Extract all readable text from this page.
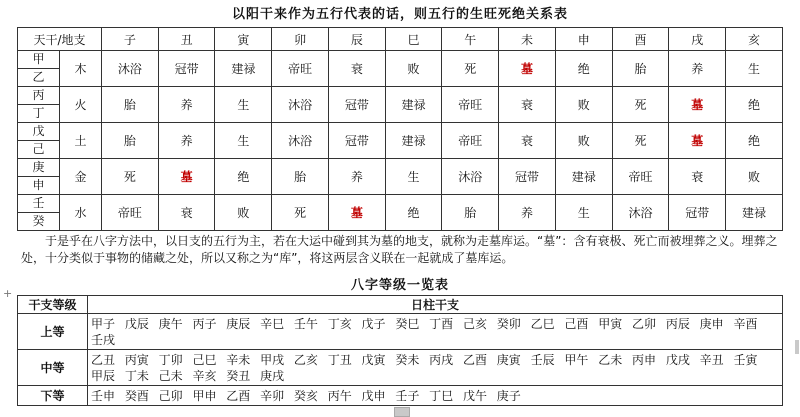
以阳干来作为五行代表的话，则五行的生旺死绝关系表
天干/地支		子	丑	寅	卯	辰	巳	午	未	申	酉	戌	亥

甲
乙	木	沐浴	冠带	建禄	帝旺	衰	败	死	墓	绝	胎	养	生

丙
丁	火	胎	养	生	沐浴	冠带	建禄	帝旺	衰	败	死	墓	绝

戊
己	土	胎	养	生	沐浴	冠带	建禄	帝旺	衰	败	死	墓	绝

庚
申	金	死	墓	绝	胎	养	生	沐浴	冠带	建禄	帝旺	衰	败

壬
癸	水	帝旺	衰	败	死	墓	绝	胎	养	生	沐浴	冠带	建禄

于是乎在八字方法中，以日支的五行为主，若在大运中碰到其为墓的地支，就称为走墓库运。“墓”：含有衰极、死亡而被埋葬之义。埋葬之处，十分类似于事物的储藏之处，所以又称之为“库”，将这两层含义联在一起就成了墓库运。

八字等级一览表
干支等级	日柱干支
上等	甲子 戊辰 庚午 丙子 庚辰 辛巳 壬午 丁亥 戊子 癸巳 丁酉 己亥 癸卯 乙巳 己酉 甲寅 乙卯 丙辰 庚申 辛酉 壬戌
中等	乙丑 丙寅 丁卯 己巳 辛未 甲戌 乙亥 丁丑 戊寅 癸未 丙戌 乙酉 庚寅 壬辰 甲午 乙未 丙申 戊戌 辛丑 壬寅 甲辰 丁未 己未 辛亥 癸丑 庚戌
下等	壬申 癸酉 己卯 甲申 乙酉 辛卯 癸亥 丙午 戊申 壬子 丁巳 戊午 庚子
+
